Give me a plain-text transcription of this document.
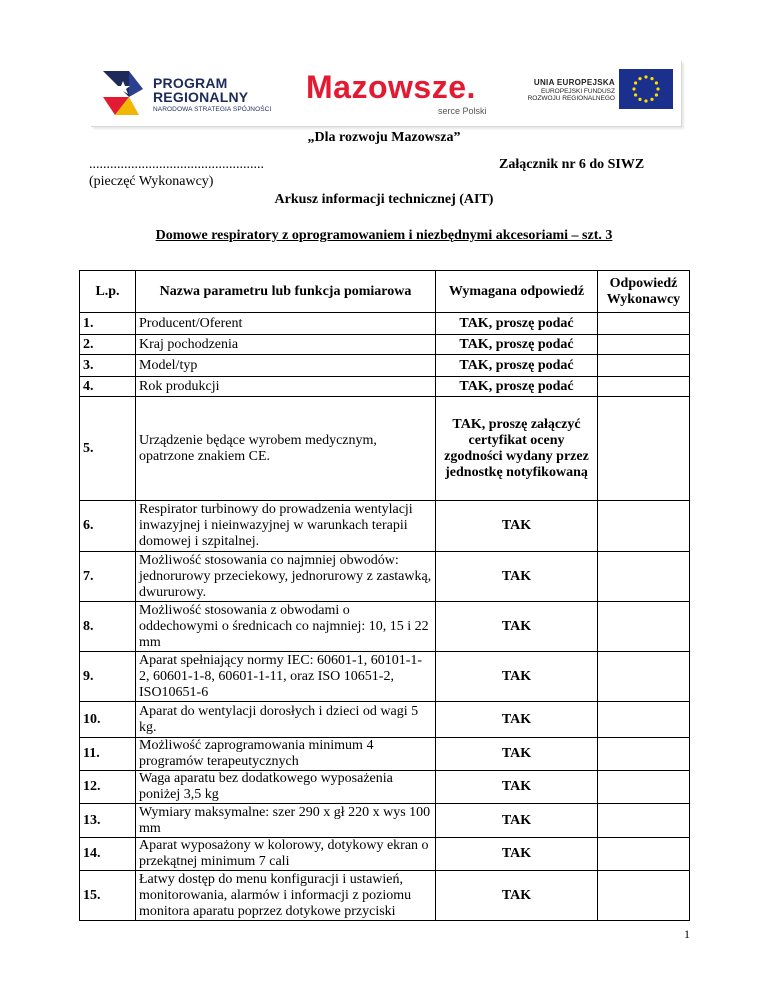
PROGRAM
REGIONALNY
NARODOWA STRATEGIA SPÓJNOŚCI
Mazowsze.
serce Polski
UNIA EUROPEJSKA
EUROPEJSKI FUNDUSZ
ROZWOJU REGIONALNEGO
„Dla rozwoju Mazowsza”
..................................................	Załącznik nr 6 do SIWZ
(pieczęć Wykonawcy)
Arkusz informacji technicznej (AIT)
Domowe respiratory z oprogramowaniem i niezbędnymi akcesoriami – szt. 3
L.p.	Nazwa parametru lub funkcja pomiarowa	Wymagana odpowiedź	Odpowiedź Wykonawcy
1.	Producent/Oferent	TAK, proszę podać	
2.	Kraj pochodzenia	TAK, proszę podać	
3.	Model/typ	TAK, proszę podać	
4.	Rok produkcji	TAK, proszę podać	
5.	Urządzenie będące wyrobem medycznym, opatrzone znakiem CE.	TAK, proszę załączyć certyfikat oceny zgodności wydany przez jednostkę notyfikowaną	
6.	Respirator turbinowy do prowadzenia wentylacji inwazyjnej i nieinwazyjnej w warunkach terapii domowej i szpitalnej.	TAK	
7.	Możliwość stosowania co najmniej obwodów: jednorurowy przeciekowy, jednorurowy z zastawką, dwururowy.	TAK	
8.	Możliwość stosowania z obwodami o oddechowymi o średnicach co najmniej: 10, 15 i 22 mm	TAK	
9.	Aparat spełniający normy IEC: 60601-1, 60101-1-2, 60601-1-8, 60601-1-11, oraz ISO 10651-2, ISO10651-6	TAK	
10.	Aparat do wentylacji dorosłych i dzieci od wagi 5 kg.	TAK	
11.	Możliwość zaprogramowania minimum 4 programów terapeutycznych	TAK	
12.	Waga aparatu bez dodatkowego wyposażenia poniżej 3,5 kg	TAK	
13.	Wymiary maksymalne: szer 290 x gł 220 x wys 100 mm	TAK	
14.	Aparat wyposażony w kolorowy, dotykowy ekran o przekątnej minimum 7 cali	TAK	
15.	Łatwy dostęp do menu konfiguracji i ustawień, monitorowania, alarmów i informacji z poziomu monitora aparatu poprzez dotykowe przyciski	TAK	
1
